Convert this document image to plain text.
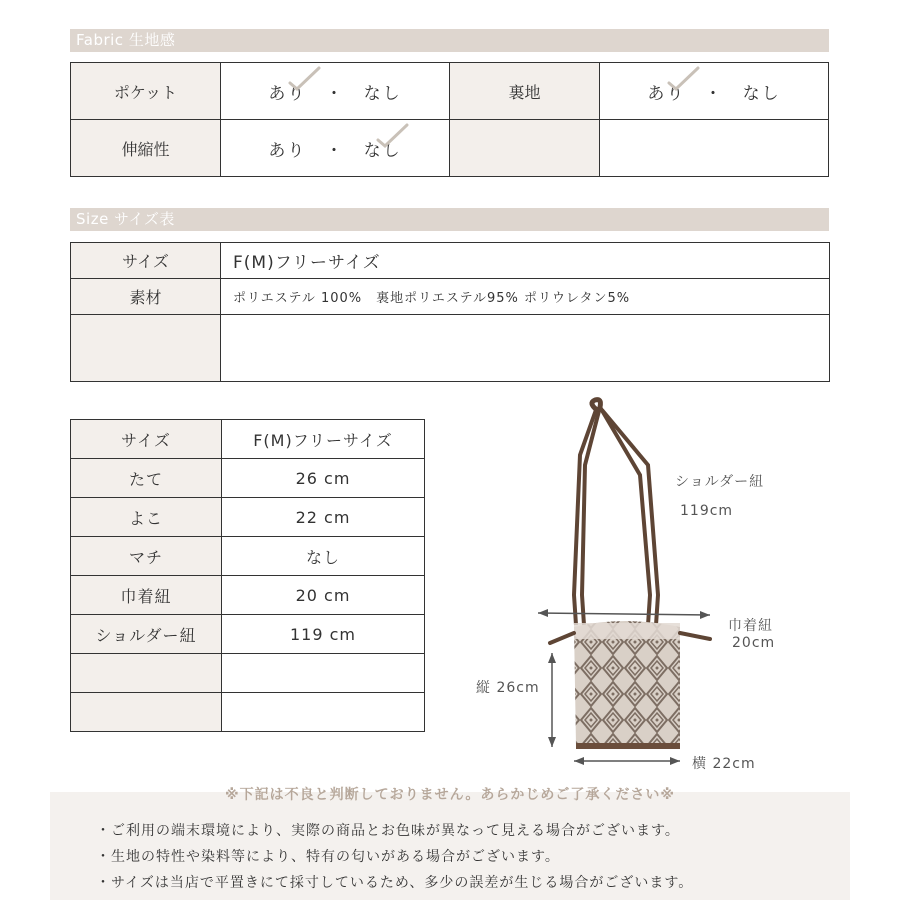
Fabric 生地感
ポケット	あり ・ なし	裏地	あり ・ なし
伸縮性	あり ・ なし

Size サイズ表
サイズ	F(M)フリーサイズ
素材	ポリエステル 100%　裏地ポリエステル95% ポリウレタン5%

サイズ	F(M)フリーサイズ
たて	26 cm
よこ	22 cm
マチ	なし
巾着紐	20 cm
ショルダー紐	119 cm

ショルダー紐
119cm
巾着紐
20cm
縦 26cm
横 22cm
※下記は不良と判断しておりません。あらかじめご了承ください※
・ご利用の端末環境により、実際の商品とお色味が異なって見える場合がございます。
・生地の特性や染料等により、特有の匂いがある場合がございます。
・サイズは当店で平置きにて採寸しているため、多少の誤差が生じる場合がございます。
